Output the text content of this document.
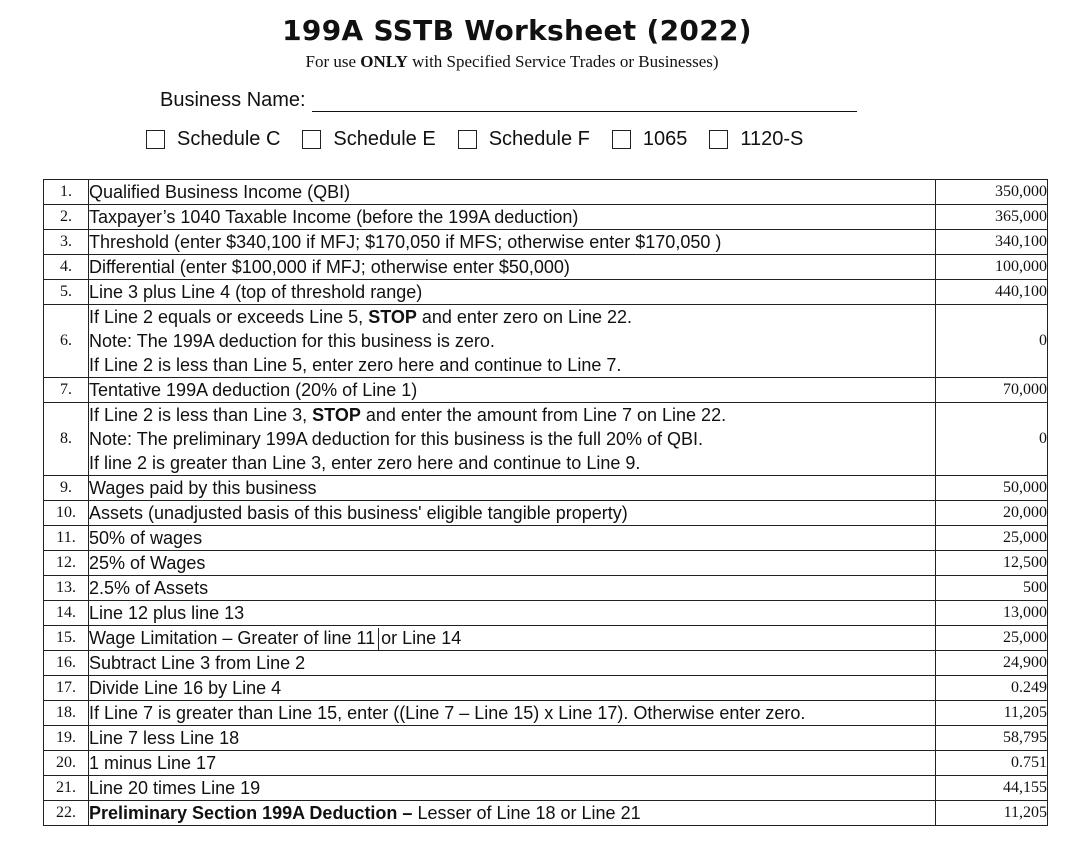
199A SSTB Worksheet (2022)
For use ONLY with Specified Service Trades or Businesses)
Business Name:
Schedule C	Schedule E	Schedule F	1065	1120-S
1.	Qualified Business Income (QBI)	350,000
2.	Taxpayer’s 1040 Taxable Income (before the 199A deduction)	365,000
3.	Threshold (enter $340,100 if MFJ; $170,050 if MFS; otherwise enter $170,050 )	340,100
4.	Differential (enter $100,000 if MFJ; otherwise enter $50,000)	100,000
5.	Line 3 plus Line 4 (top of threshold range)	440,100
6.	If Line 2 equals or exceeds Line 5, STOP and enter zero on Line 22.
Note: The 199A deduction for this business is zero.
If Line 2 is less than Line 5, enter zero here and continue to Line 7.	0
7.	Tentative 199A deduction (20% of Line 1)	70,000
8.	If Line 2 is less than Line 3, STOP and enter the amount from Line 7 on Line 22.
Note: The preliminary 199A deduction for this business is the full 20% of QBI.
If line 2 is greater than Line 3, enter zero here and continue to Line 9.	0
9.	Wages paid by this business	50,000
10.	Assets (unadjusted basis of this business' eligible tangible property)	20,000
11.	50% of wages	25,000
12.	25% of Wages	12,500
13.	2.5% of Assets	500
14.	Line 12 plus line 13	13,000
15.	Wage Limitation – Greater of line 11 or Line 14	25,000
16.	Subtract Line 3 from Line 2	24,900
17.	Divide Line 16 by Line 4	0.249
18.	If Line 7 is greater than Line 15, enter ((Line 7 – Line 15) x Line 17). Otherwise enter zero.	11,205
19.	Line 7 less Line 18	58,795
20.	1 minus Line 17	0.751
21.	Line 20 times Line 19	44,155
22.	Preliminary Section 199A Deduction – Lesser of Line 18 or Line 21	11,205
